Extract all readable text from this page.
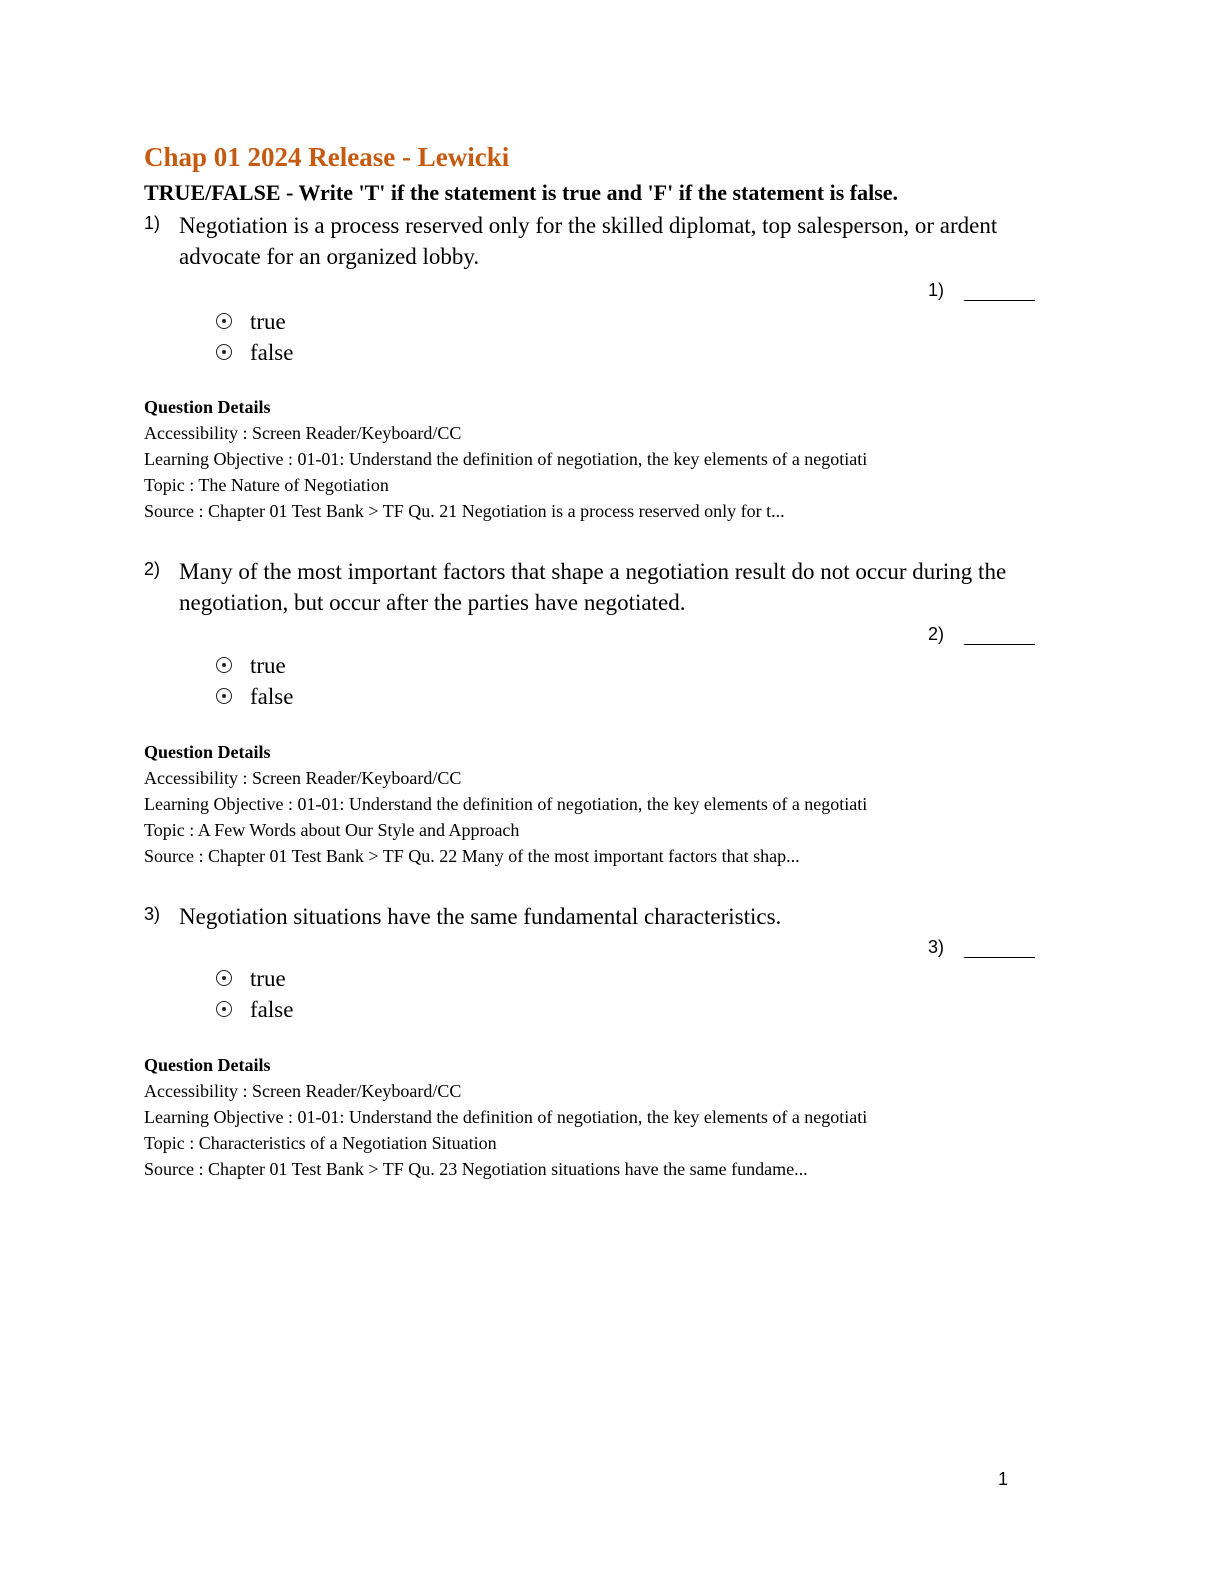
Chap 01 2024 Release - Lewicki
TRUE/FALSE - Write 'T' if the statement is true and 'F' if the statement is false.
1) Negotiation is a process reserved only for the skilled diplomat, top salesperson, or ardent advocate for an organized lobby.
1)
true
false
Question Details
Accessibility : Screen Reader/Keyboard/CC
Learning Objective : 01-01: Understand the definition of negotiation, the key elements of a negotiati
Topic : The Nature of Negotiation
Source : Chapter 01 Test Bank > TF Qu. 21 Negotiation is a process reserved only for t...
2) Many of the most important factors that shape a negotiation result do not occur during the negotiation, but occur after the parties have negotiated.
2)
true
false
Question Details
Accessibility : Screen Reader/Keyboard/CC
Learning Objective : 01-01: Understand the definition of negotiation, the key elements of a negotiati
Topic : A Few Words about Our Style and Approach
Source : Chapter 01 Test Bank > TF Qu. 22 Many of the most important factors that shap...
3) Negotiation situations have the same fundamental characteristics.
3)
true
false
Question Details
Accessibility : Screen Reader/Keyboard/CC
Learning Objective : 01-01: Understand the definition of negotiation, the key elements of a negotiati
Topic : Characteristics of a Negotiation Situation
Source : Chapter 01 Test Bank > TF Qu. 23 Negotiation situations have the same fundame...
1
